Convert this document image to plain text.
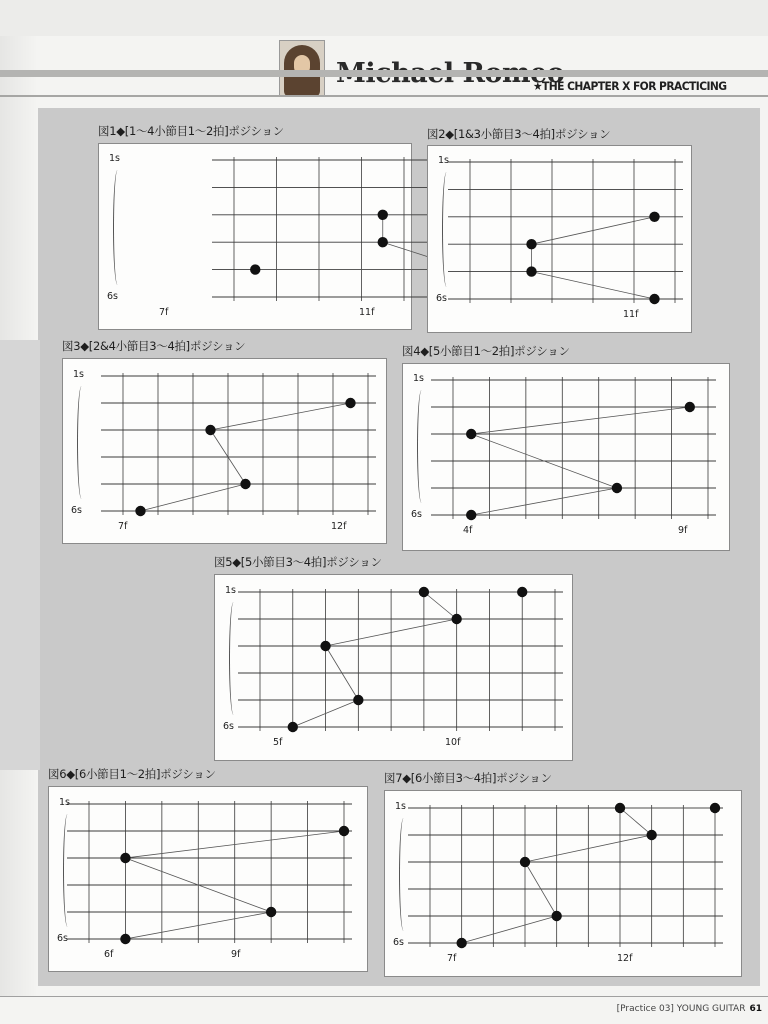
★THE CHAPTER X FOR PRACTICING
図1◆[1～4小節目1～2拍]ポジション
1s
6s
7f	11f
図2◆[1&3小節目3～4拍]ポジション
1s
6s
11f
図3◆[2&4小節目3～4拍]ポジション
1s
6s
7f	12f
図4◆[5小節目1～2拍]ポジション
1s
6s
4f	9f
図5◆[5小節目3～4拍]ポジション
1s
6s
5f	10f
図6◆[6小節目1～2拍]ポジション
1s
6s
6f	9f
図7◆[6小節目3～4拍]ポジション
1s
6s
7f	12f
[Practice 03] YOUNG GUITAR 61
